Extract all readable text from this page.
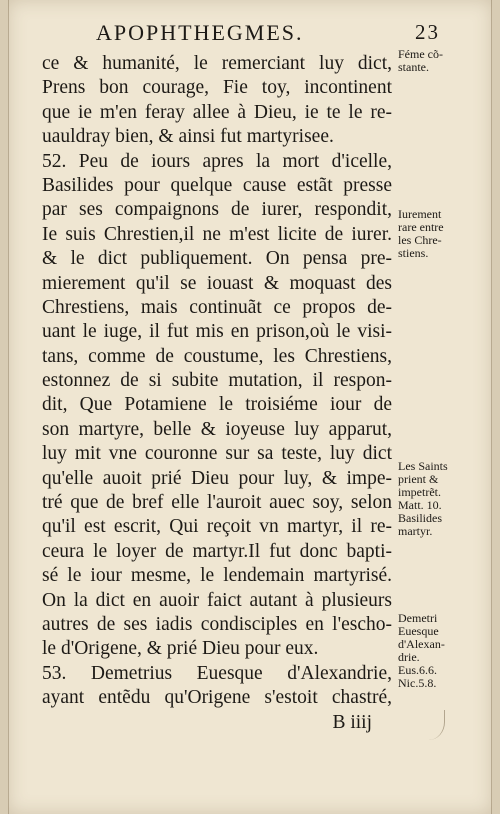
APOPHTHEGMES.	23
ce & humanité, le remerciant luy dict,
Prens bon courage, Fie toy, incontinent
que ie m'en feray allee à Dieu, ie te le re-
uauldray bien, & ainsi fut martyrisee.
52. Peu de iours apres la mort d'icelle,
Basilides pour quelque cause estãt presse
par ses compaignons de iurer, respondit,
Ie suis Chrestien,il ne m'est licite de iurer.
& le dict publiquement. On pensa pre-
mierement qu'il se iouast & moquast des
Chrestiens, mais continuãt ce propos de-
uant le iuge, il fut mis en prison,où le visi-
tans, comme de coustume, les Chrestiens,
estonnez de si subite mutation, il respon-
dit, Que Potamiene le troisiéme iour de
son martyre, belle & ioyeuse luy apparut,
luy mit vne couronne sur sa teste, luy dict
qu'elle auoit prié Dieu pour luy, & impe-
tré que de bref elle l'auroit auec soy, selon
qu'il est escrit, Qui reçoit vn martyr, il re-
ceura le loyer de martyr.Il fut donc bapti-
sé le iour mesme, le lendemain martyrisé.
On la dict en auoir faict autant à plusieurs
autres de ses iadis condisciples en l'escho-
le d'Origene, & prié Dieu pour eux.
53. Demetrius Euesque d'Alexandrie,
ayant entẽdu qu'Origene s'estoit chastré,
B iiij
Féme cõ-
stante.
Iurement
rare entre
les Chre-
stiens.
Les Saints
prient &
impetrẽt.
Matt. 10.
Basilides
martyr.
Demetri
Euesque
d'Alexan-
drie.
Eus.6.6.
Nic.5.8.
